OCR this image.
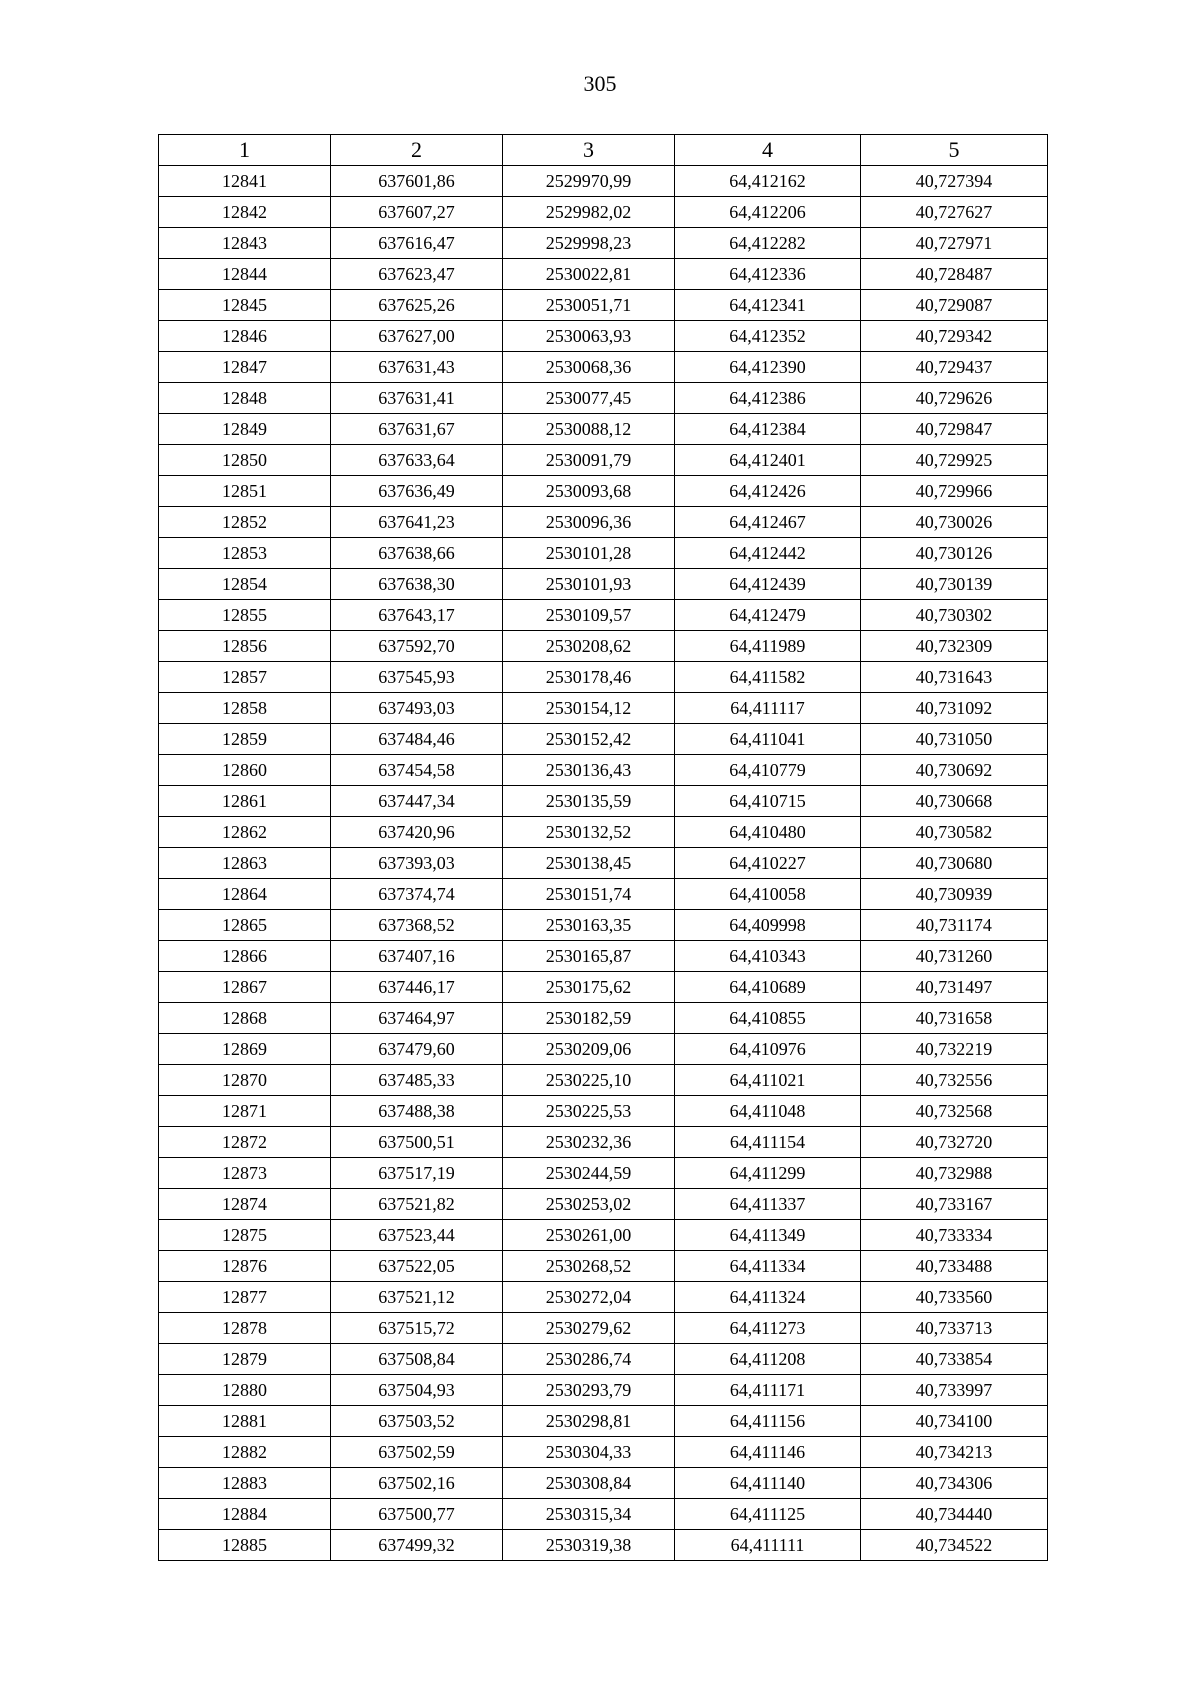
305
1	2	3	4	5
12841	637601,86	2529970,99	64,412162	40,727394
12842	637607,27	2529982,02	64,412206	40,727627
12843	637616,47	2529998,23	64,412282	40,727971
12844	637623,47	2530022,81	64,412336	40,728487
12845	637625,26	2530051,71	64,412341	40,729087
12846	637627,00	2530063,93	64,412352	40,729342
12847	637631,43	2530068,36	64,412390	40,729437
12848	637631,41	2530077,45	64,412386	40,729626
12849	637631,67	2530088,12	64,412384	40,729847
12850	637633,64	2530091,79	64,412401	40,729925
12851	637636,49	2530093,68	64,412426	40,729966
12852	637641,23	2530096,36	64,412467	40,730026
12853	637638,66	2530101,28	64,412442	40,730126
12854	637638,30	2530101,93	64,412439	40,730139
12855	637643,17	2530109,57	64,412479	40,730302
12856	637592,70	2530208,62	64,411989	40,732309
12857	637545,93	2530178,46	64,411582	40,731643
12858	637493,03	2530154,12	64,411117	40,731092
12859	637484,46	2530152,42	64,411041	40,731050
12860	637454,58	2530136,43	64,410779	40,730692
12861	637447,34	2530135,59	64,410715	40,730668
12862	637420,96	2530132,52	64,410480	40,730582
12863	637393,03	2530138,45	64,410227	40,730680
12864	637374,74	2530151,74	64,410058	40,730939
12865	637368,52	2530163,35	64,409998	40,731174
12866	637407,16	2530165,87	64,410343	40,731260
12867	637446,17	2530175,62	64,410689	40,731497
12868	637464,97	2530182,59	64,410855	40,731658
12869	637479,60	2530209,06	64,410976	40,732219
12870	637485,33	2530225,10	64,411021	40,732556
12871	637488,38	2530225,53	64,411048	40,732568
12872	637500,51	2530232,36	64,411154	40,732720
12873	637517,19	2530244,59	64,411299	40,732988
12874	637521,82	2530253,02	64,411337	40,733167
12875	637523,44	2530261,00	64,411349	40,733334
12876	637522,05	2530268,52	64,411334	40,733488
12877	637521,12	2530272,04	64,411324	40,733560
12878	637515,72	2530279,62	64,411273	40,733713
12879	637508,84	2530286,74	64,411208	40,733854
12880	637504,93	2530293,79	64,411171	40,733997
12881	637503,52	2530298,81	64,411156	40,734100
12882	637502,59	2530304,33	64,411146	40,734213
12883	637502,16	2530308,84	64,411140	40,734306
12884	637500,77	2530315,34	64,411125	40,734440
12885	637499,32	2530319,38	64,411111	40,734522
